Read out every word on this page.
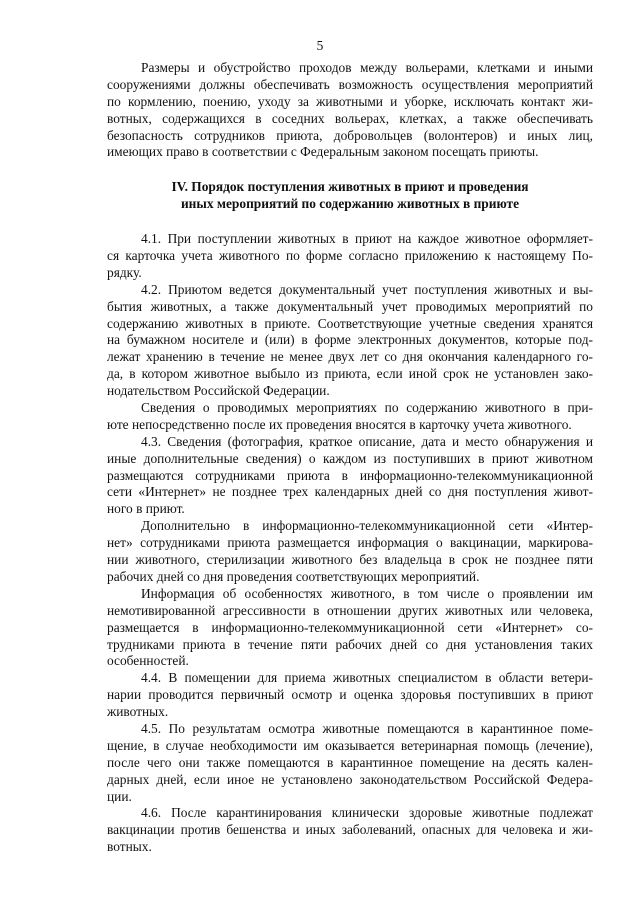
5
Размеры и обустройство проходов между вольерами, клетками и иными
сооружениями должны обеспечивать возможность осуществления мероприятий
по кормлению, поению, уходу за животными и уборке, исключать контакт жи-
вотных, содержащихся в соседних вольерах, клетках, а также обеспечивать
безопасность сотрудников приюта, добровольцев (волонтеров) и иных лиц,
имеющих право в соответствии с Федеральным законом посещать приюты.
IV. Порядок поступления животных в приют и проведения
иных мероприятий по содержанию животных в приюте
4.1. При поступлении животных в приют на каждое животное оформляет-
ся карточка учета животного по форме согласно приложению к настоящему По-
рядку.
4.2. Приютом ведется документальный учет поступления животных и вы-
бытия животных, а также документальный учет проводимых мероприятий по
содержанию животных в приюте. Соответствующие учетные сведения хранятся
на бумажном носителе и (или) в форме электронных документов, которые под-
лежат хранению в течение не менее двух лет со дня окончания календарного го-
да, в котором животное выбыло из приюта, если иной срок не установлен зако-
нодательством Российской Федерации.
Сведения о проводимых мероприятиях по содержанию животного в при-
юте непосредственно после их проведения вносятся в карточку учета животного.
4.3. Сведения (фотография, краткое описание, дата и место обнаружения и
иные дополнительные сведения) о каждом из поступивших в приют животном
размещаются сотрудниками приюта в информационно-телекоммуникационной
сети «Интернет» не позднее трех календарных дней со дня поступления живот-
ного в приют.
Дополнительно в информационно-телекоммуникационной сети «Интер-
нет» сотрудниками приюта размещается информация о вакцинации, маркирова-
нии животного, стерилизации животного без владельца в срок не позднее пяти
рабочих дней со дня проведения соответствующих мероприятий.
Информация об особенностях животного, в том числе о проявлении им
немотивированной агрессивности в отношении других животных или человека,
размещается в информационно-телекоммуникационной сети «Интернет» со-
трудниками приюта в течение пяти рабочих дней со дня установления таких
особенностей.
4.4. В помещении для приема животных специалистом в области ветери-
нарии проводится первичный осмотр и оценка здоровья поступивших в приют
животных.
4.5. По результатам осмотра животные помещаются в карантинное поме-
щение, в случае необходимости им оказывается ветеринарная помощь (лечение),
после чего они также помещаются в карантинное помещение на десять кален-
дарных дней, если иное не установлено законодательством Российской Федера-
ции.
4.6. После карантинирования клинически здоровые животные подлежат
вакцинации против бешенства и иных заболеваний, опасных для человека и жи-
вотных.
